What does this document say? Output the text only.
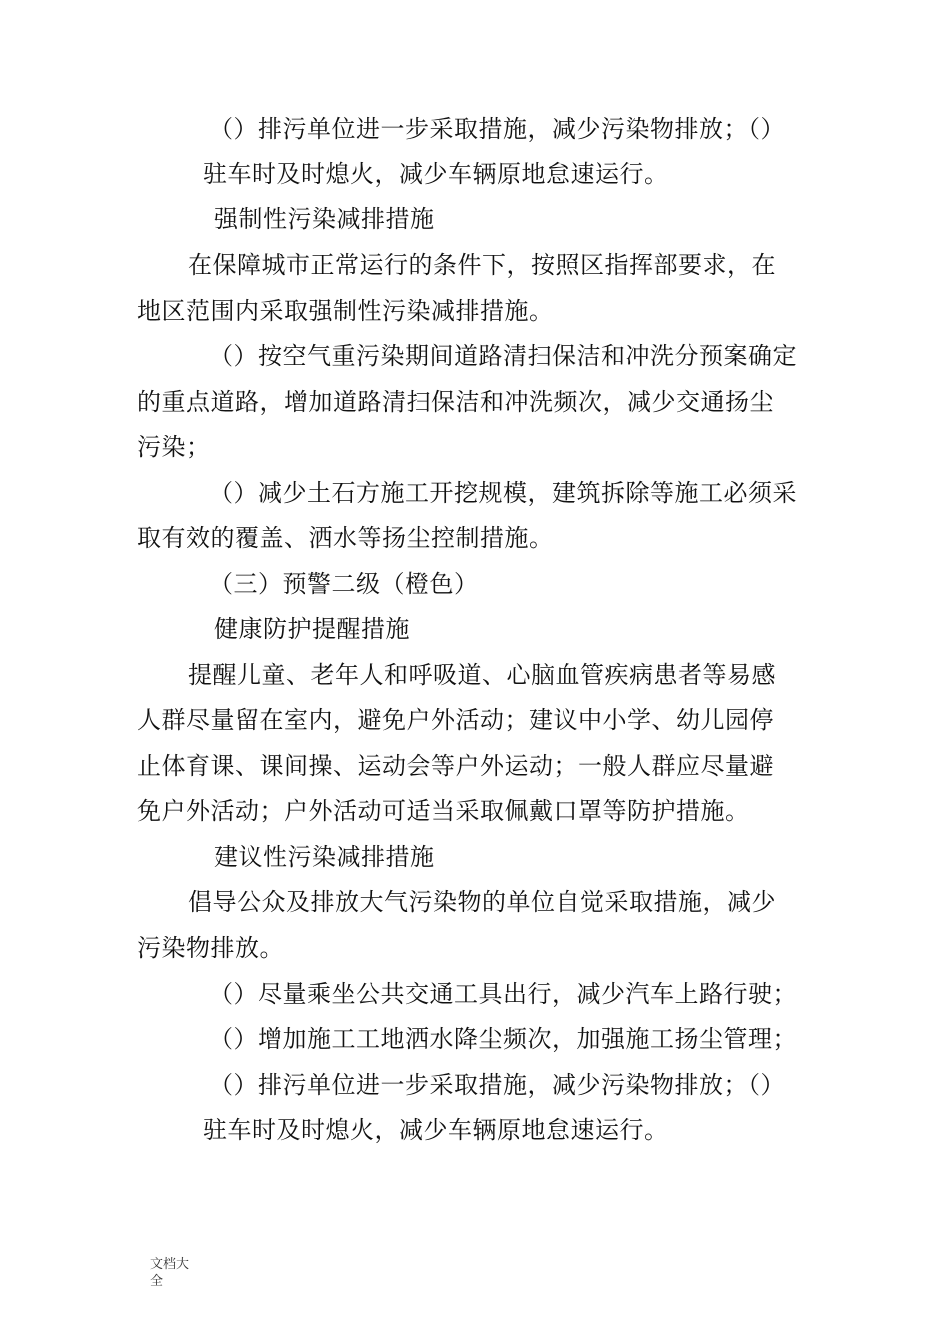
（）排污单位进一步采取措施，减少污染物排放；（）
驻车时及时熄火，减少车辆原地怠速运行。
强制性污染减排措施
在保障城市正常运行的条件下，按照区指挥部要求，在
地区范围内采取强制性污染减排措施。
（）按空气重污染期间道路清扫保洁和冲洗分预案确定
的重点道路，增加道路清扫保洁和冲洗频次，减少交通扬尘
污染；
（）减少土石方施工开挖规模，建筑拆除等施工必须采
取有效的覆盖、洒水等扬尘控制措施。
（三）预警二级（橙色）
健康防护提醒措施
提醒儿童、老年人和呼吸道、心脑血管疾病患者等易感
人群尽量留在室内，避免户外活动；建议中小学、幼儿园停
止体育课、课间操、运动会等户外运动；一般人群应尽量避
免户外活动；户外活动可适当采取佩戴口罩等防护措施。
建议性污染减排措施
倡导公众及排放大气污染物的单位自觉采取措施，减少
污染物排放。
（）尽量乘坐公共交通工具出行，减少汽车上路行驶；
（）增加施工工地洒水降尘频次，加强施工扬尘管理；
（）排污单位进一步采取措施，减少污染物排放；（）
驻车时及时熄火，减少车辆原地怠速运行。
文档大全
